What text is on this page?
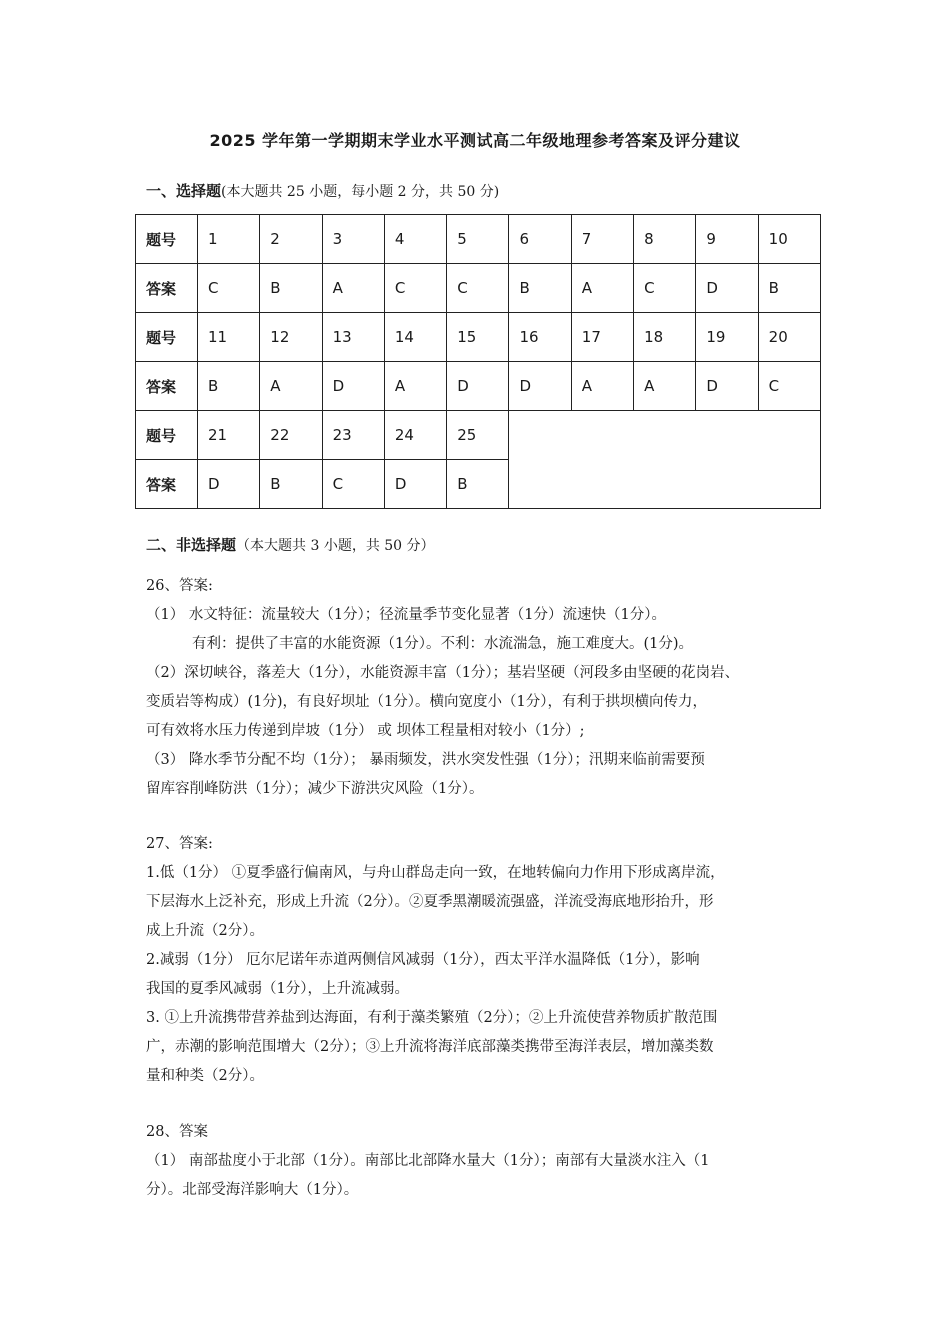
2025 学年第一学期期末学业水平测试高二年级地理参考答案及评分建议
一、选择题(本大题共 25 小题，每小题 2 分，共 50 分)
题号	1	2	3	4	5	6	7	8	9	10
答案	C	B	A	C	C	B	A	C	D	B
题号	11	12	13	14	15	16	17	18	19	20
答案	B	A	D	A	D	D	A	A	D	C
题号	21	22	23	24	25					
答案	D	B	C	D	B					
二、非选择题（本大题共 3 小题，共 50 分）

26、答案:

（1） 水文特征：流量较大（1分）；径流量季节变化显著（1分）流速快（1分）。

有利：提供了丰富的水能资源（1分）。不利：水流湍急，施工难度大。(1分)。

（2）深切峡谷，落差大（1分），水能资源丰富（1分）；基岩坚硬（河段多由坚硬的花岗岩、

变质岩等构成）(1分)，有良好坝址（1分）。横向宽度小（1分），有利于拱坝横向传力，

可有效将水压力传递到岸坡（1分） 或 坝体工程量相对较小（1分）;

（3） 降水季节分配不均（1分）； 暴雨频发，洪水突发性强（1分）；汛期来临前需要预

留库容削峰防洪（1分）；减少下游洪灾风险（1分）。

27、答案:

1.低（1分） ①夏季盛行偏南风，与舟山群岛走向一致，在地转偏向力作用下形成离岸流，

下层海水上泛补充，形成上升流（2分）。②夏季黑潮暖流强盛，洋流受海底地形抬升，形

成上升流（2分）。

2.减弱（1分） 厄尔尼诺年赤道两侧信风减弱（1分），西太平洋水温降低（1分），影响

我国的夏季风减弱（1分），上升流减弱。

3. ①上升流携带营养盐到达海面，有利于藻类繁殖（2分）；②上升流使营养物质扩散范围

广，赤潮的影响范围增大（2分）；③上升流将海洋底部藻类携带至海洋表层，增加藻类数

量和种类（2分）。

28、答案

（1） 南部盐度小于北部（1分）。南部比北部降水量大（1分）；南部有大量淡水注入（1

分）。北部受海洋影响大（1分）。
